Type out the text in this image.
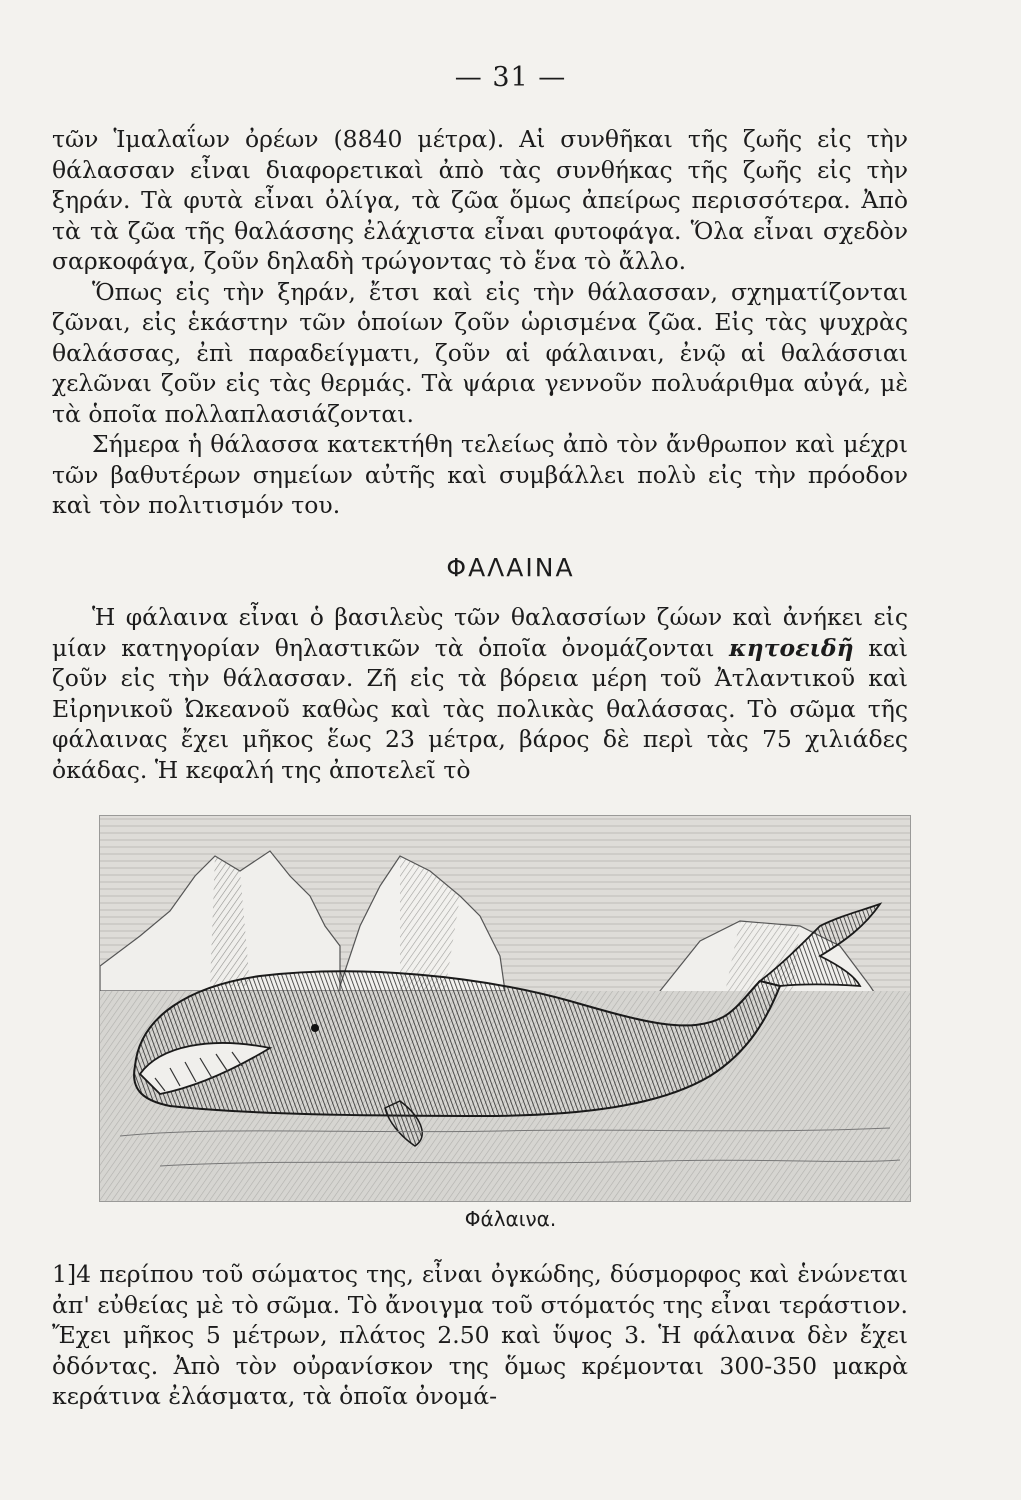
— 31 —

τῶν Ἱμαλαΐων ὀρέων (8840 μέτρα). Αἱ συνθῆκαι τῆς ζωῆς εἰς τὴν θάλασσαν εἶναι διαφορετικαὶ ἀπὸ τὰς συνθήκας τῆς ζωῆς εἰς τὴν ξηράν. Τὰ φυτὰ εἶναι ὀλίγα, τὰ ζῶα ὅμως ἀπείρως περισσότερα. Ἀπὸ τὰ τὰ ζῶα τῆς θαλάσσης ἐλάχιστα εἶναι φυτοφάγα. Ὅλα εἶναι σχεδὸν σαρκοφάγα, ζοῦν δηλαδὴ τρώγοντας τὸ ἕνα τὸ ἄλλο.

Ὅπως εἰς τὴν ξηράν, ἔτσι καὶ εἰς τὴν θάλασσαν, σχηματίζονται ζῶναι, εἰς ἑκάστην τῶν ὁποίων ζοῦν ὡρισμένα ζῶα. Εἰς τὰς ψυχρὰς θαλάσσας, ἐπὶ παραδείγματι, ζοῦν αἱ φάλαιναι, ἐνῷ αἱ θαλάσσιαι χελῶναι ζοῦν εἰς τὰς θερμάς. Τὰ ψάρια γεννοῦν πολυάριθμα αὐγά, μὲ τὰ ὁποῖα πολλαπλασιάζονται.

Σήμερα ἡ θάλασσα κατεκτήθη τελείως ἀπὸ τὸν ἄνθρωπον καὶ μέχρι τῶν βαθυτέρων σημείων αὐτῆς καὶ συμβάλλει πολὺ εἰς τὴν πρόοδον καὶ τὸν πολιτισμόν του.

ΦΑΛΑΙΝΑ

Ἡ φάλαινα εἶναι ὁ βασιλεὺς τῶν θαλασσίων ζώων καὶ ἀνήκει εἰς μίαν κατηγορίαν θηλαστικῶν τὰ ὁποῖα ὀνομάζονται κητοειδῆ καὶ ζοῦν εἰς τὴν θάλασσαν. Ζῆ εἰς τὰ βόρεια μέρη τοῦ Ἀτλαντικοῦ καὶ Εἰρηνικοῦ Ὠκεανοῦ καθὼς καὶ τὰς πολικὰς θαλάσσας. Τὸ σῶμα τῆς φάλαινας ἔχει μῆκος ἕως 23 μέτρα, βάρος δὲ περὶ τὰς 75 χιλιάδες ὀκάδας. Ἡ κεφαλή της ἀποτελεῖ τὸ

Φάλαινα.

1]4 περίπου τοῦ σώματος της, εἶναι ὀγκώδης, δύσμορφος καὶ ἑνώνεται ἀπ' εὐθείας μὲ τὸ σῶμα. Τὸ ἄνοιγμα τοῦ στόματός της εἶναι τεράστιον. Ἔχει μῆκος 5 μέτρων, πλάτος 2.50 καὶ ὕψος 3. Ἡ φάλαινα δὲν ἔχει ὀδόντας. Ἀπὸ τὸν οὐρανίσκον της ὅμως κρέμονται 300-350 μακρὰ κεράτινα ἐλάσματα, τὰ ὁποῖα ὀνομά-
